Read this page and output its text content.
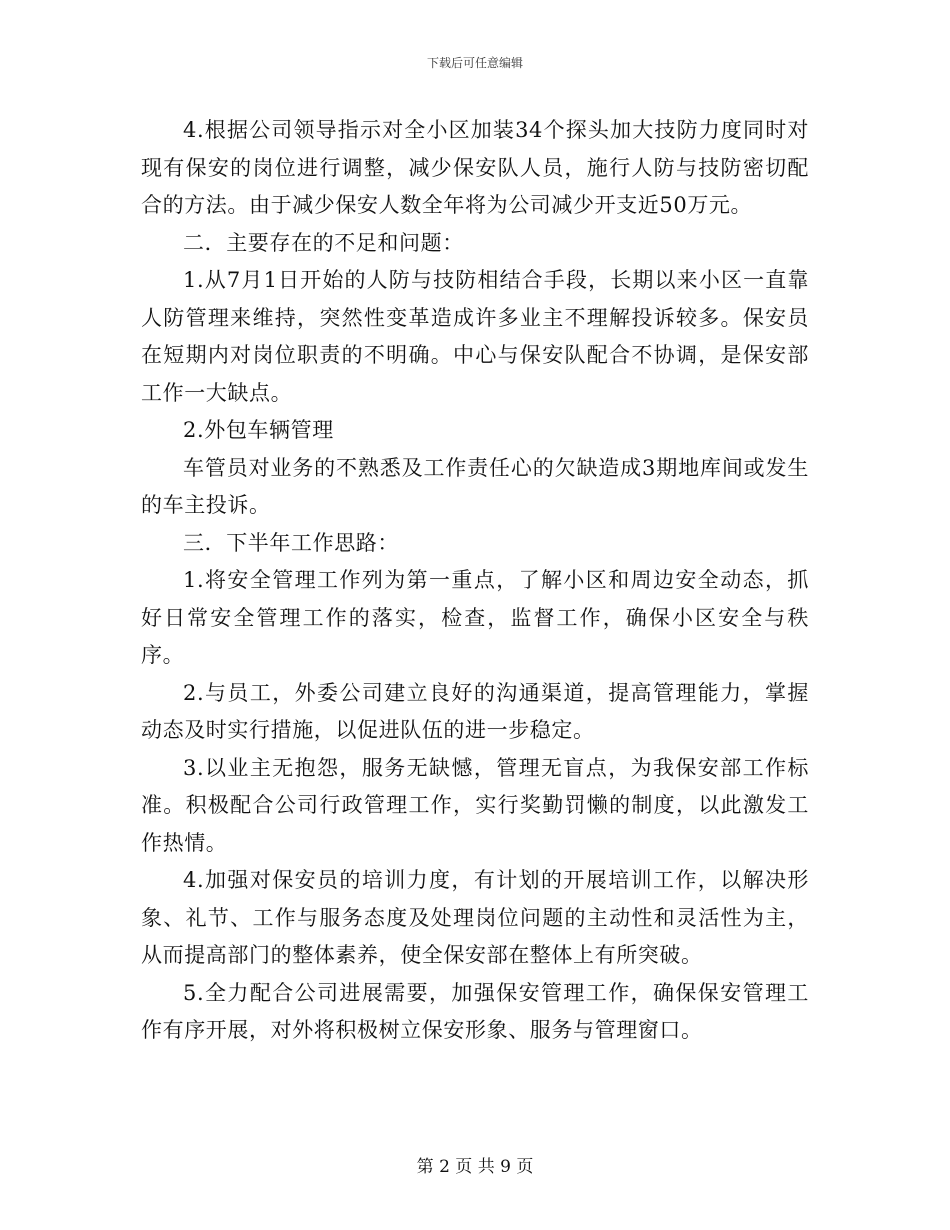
下载后可任意编辑

4.根据公司领导指示对全小区加装34个探头加大技防力度同时对现有保安的岗位进行调整，减少保安队人员，施行人防与技防密切配合的方法。由于减少保安人数全年将为公司减少开支近50万元。

二．主要存在的不足和问题：

1.从7月1日开始的人防与技防相结合手段，长期以来小区一直靠人防管理来维持，突然性变革造成许多业主不理解投诉较多。保安员在短期内对岗位职责的不明确。中心与保安队配合不协调，是保安部工作一大缺点。

2.外包车辆管理

车管员对业务的不熟悉及工作责任心的欠缺造成3期地库间或发生的车主投诉。

三．下半年工作思路：

1.将安全管理工作列为第一重点，了解小区和周边安全动态，抓好日常安全管理工作的落实，检查，监督工作，确保小区安全与秩序。

2.与员工，外委公司建立良好的沟通渠道，提高管理能力，掌握动态及时实行措施，以促进队伍的进一步稳定。

3.以业主无抱怨，服务无缺憾，管理无盲点，为我保安部工作标准。积极配合公司行政管理工作，实行奖勤罚懒的制度，以此激发工作热情。

4.加强对保安员的培训力度，有计划的开展培训工作，以解决形象、礼节、工作与服务态度及处理岗位问题的主动性和灵活性为主，从而提高部门的整体素养，使全保安部在整体上有所突破。

5.全力配合公司进展需要，加强保安管理工作，确保保安管理工作有序开展，对外将积极树立保安形象、服务与管理窗口。

第 2 页 共 9 页
